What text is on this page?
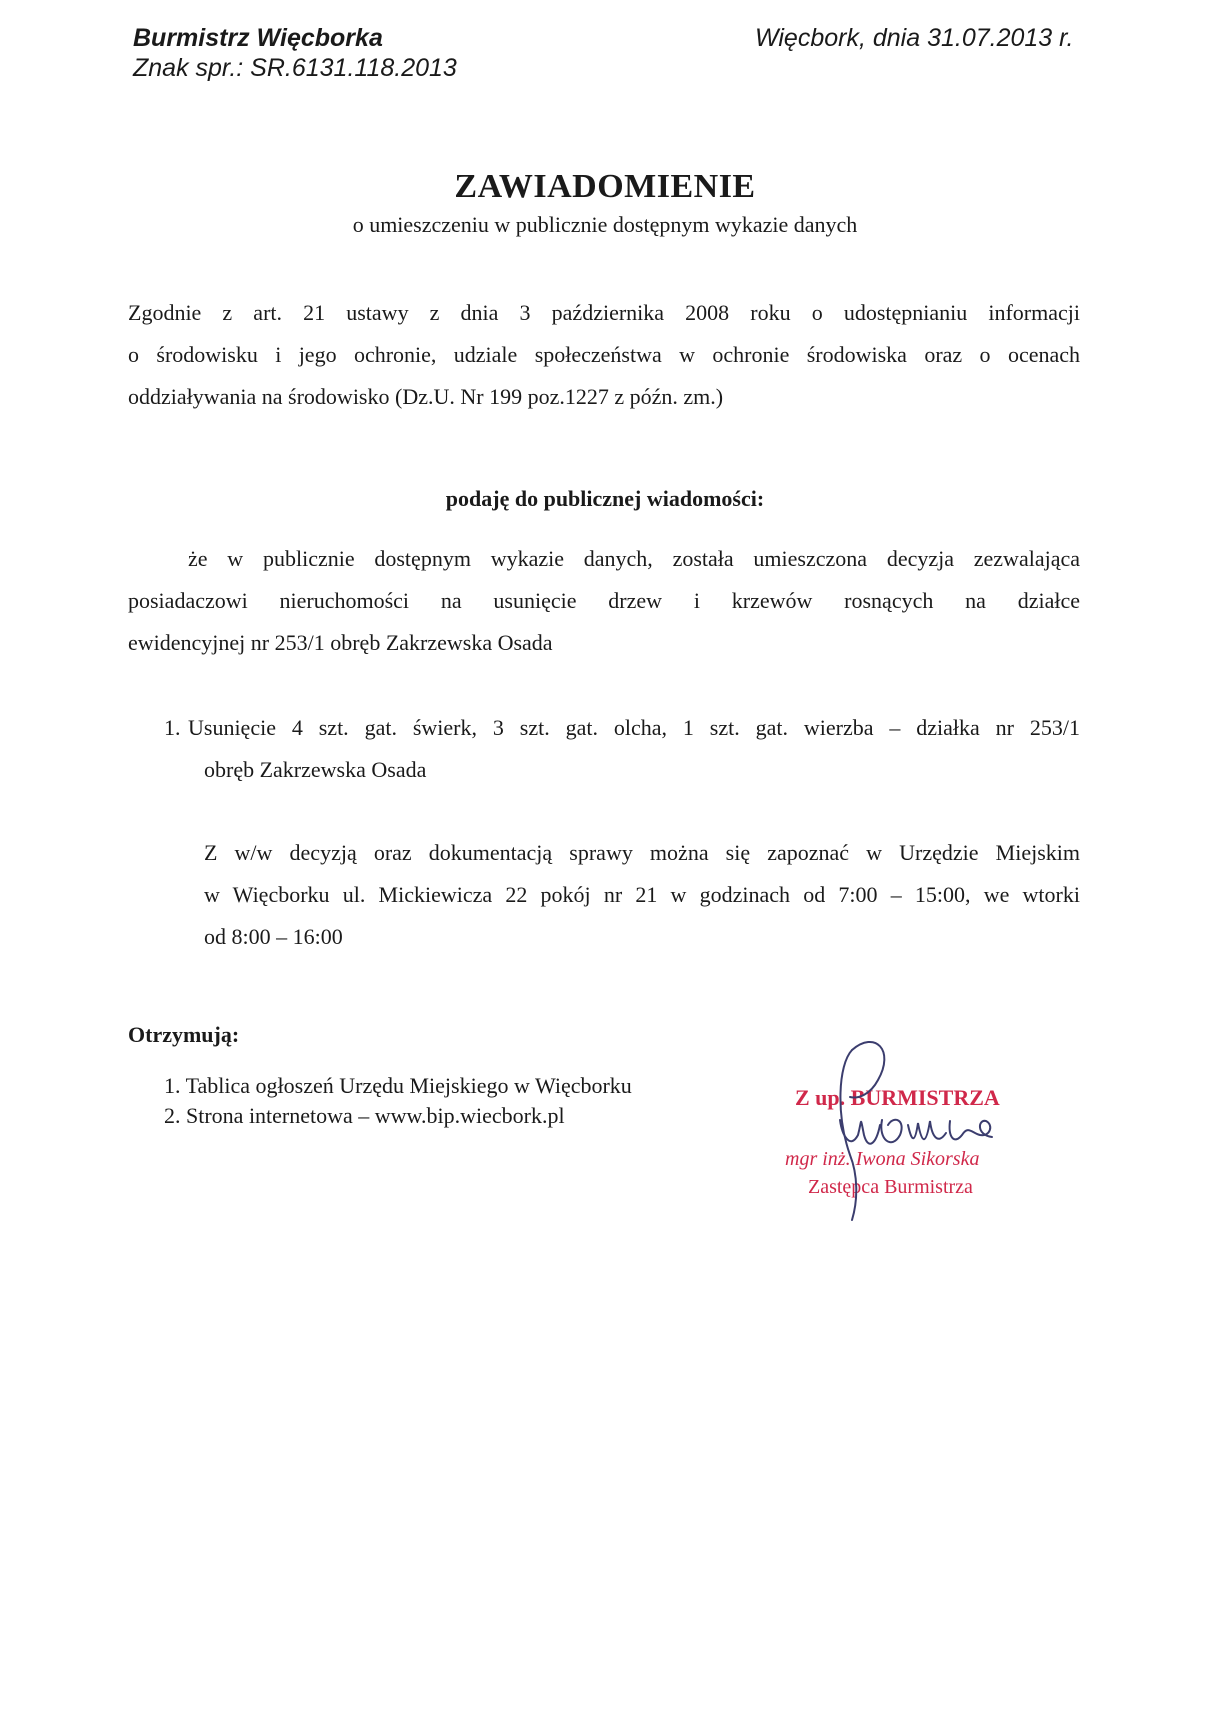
Burmistrz Więcborka
Znak spr.: SR.6131.118.2013
Więcbork, dnia 31.07.2013 r.
ZAWIADOMIENIE
o umieszczeniu w publicznie dostępnym wykazie danych
Zgodnie z art. 21 ustawy z dnia 3 października 2008 roku o udostępnianiu informacji
o środowisku i jego ochronie, udziale społeczeństwa w ochronie środowiska oraz o ocenach
oddziaływania na środowisko (Dz.U. Nr 199 poz.1227 z późn. zm.)
podaję do publicznej wiadomości:
że w publicznie dostępnym wykazie danych, została umieszczona decyzja zezwalająca
posiadaczowi nieruchomości na usunięcie drzew i krzewów rosnących na działce
ewidencyjnej nr 253/1 obręb Zakrzewska Osada
1. Usunięcie 4 szt. gat. świerk, 3 szt. gat. olcha, 1 szt. gat. wierzba – działka nr 253/1
obręb Zakrzewska Osada
Z w/w decyzją oraz dokumentacją sprawy można się zapoznać w Urzędzie Miejskim
w Więcborku ul. Mickiewicza 22 pokój nr 21 w godzinach od 7:00 – 15:00, we wtorki
od 8:00 – 16:00
Otrzymują:
1. Tablica ogłoszeń Urzędu Miejskiego w Więcborku
2. Strona internetowa – www.bip.wiecbork.pl
Z up. BURMISTRZA
mgr inż. Iwona Sikorska
Zastępca Burmistrza
